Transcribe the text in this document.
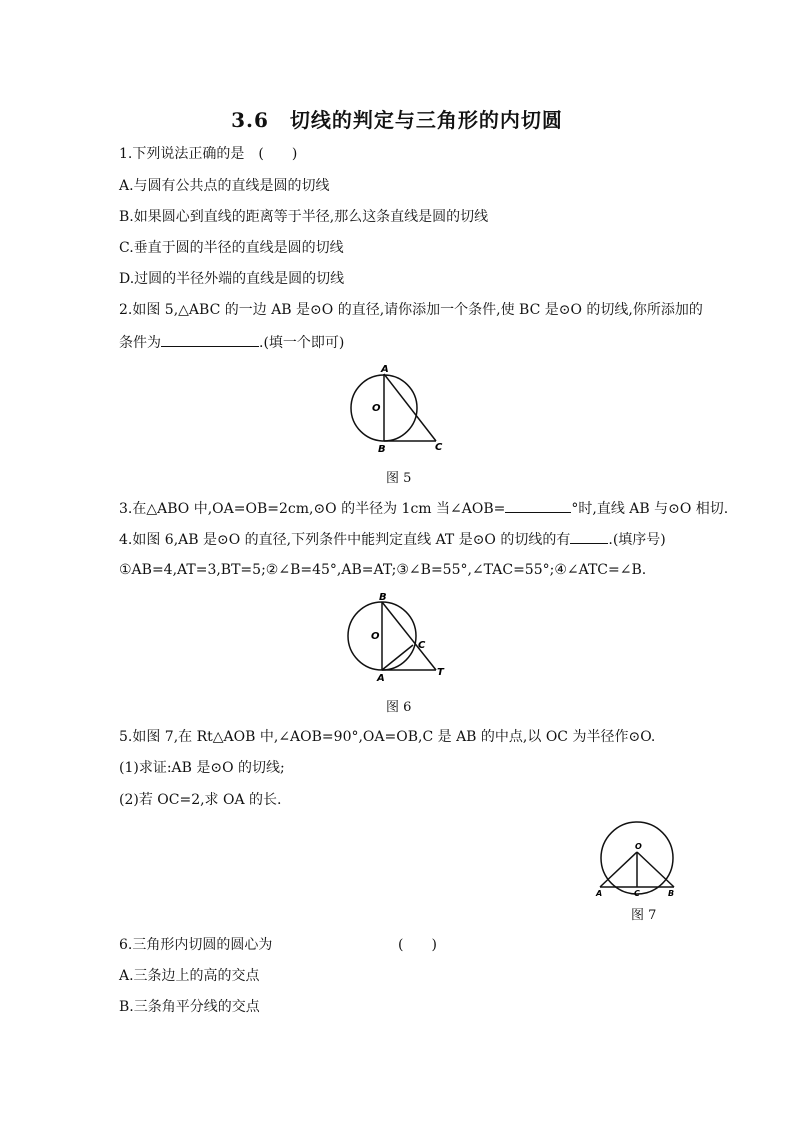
3.6　切线的判定与三角形的内切圆
1.下列说法正确的是　(　　)
A.与圆有公共点的直线是圆的切线
B.如果圆心到直线的距离等于半径,那么这条直线是圆的切线
C.垂直于圆的半径的直线是圆的切线
D.过圆的半径外端的直线是圆的切线
2.如图 5,△ABC 的一边 AB 是⊙O 的直径,请你添加一个条件,使 BC 是⊙O 的切线,你所添加的
条件为	.(填一个即可)
A
O
B	C
图 5
3.在△ABO 中,OA=OB=2cm,⊙O 的半径为 1cm 当∠AOB=	°时,直线 AB 与⊙O 相切.
4.如图 6,AB 是⊙O 的直径,下列条件中能判定直线 AT 是⊙O 的切线的有	.(填序号)
①AB=4,AT=3,BT=5;②∠B=45°,AB=AT;③∠B=55°,∠TAC=55°;④∠ATC=∠B.
B
O
C
A
T
图 6
5.如图 7,在 Rt△AOB 中,∠AOB=90°,OA=OB,C 是 AB 的中点,以 OC 为半径作⊙O.
(1)求证:AB 是⊙O 的切线;
(2)若 OC=2,求 OA 的长.
O
A	C	B
图 7
6.三角形内切圆的圆心为	(　　)
A.三条边上的高的交点
B.三条角平分线的交点
